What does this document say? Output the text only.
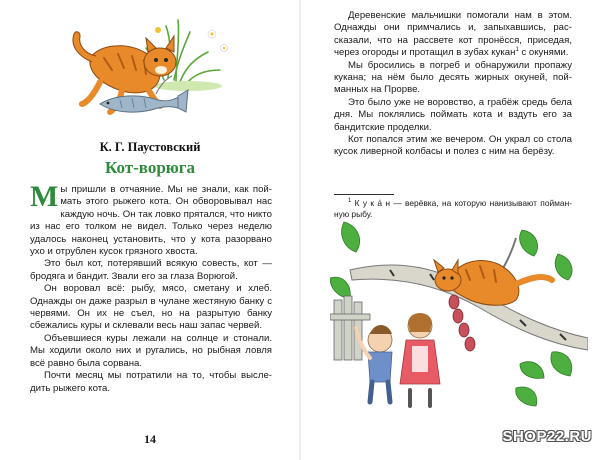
К. Г. Паустовский
Кот-ворюга

Мы пришли в отчаяние. Мы не знали, как поймать этого рыжего кота. Он обворовывал нас каждую ночь. Он так ловко прятался, что никто из нас его толком не видел. Только через неделю удалось наконец установить, что у кота разорвано ухо и отрублен кусок грязного хвоста.

Это был кот, потерявший всякую совесть, кот — бродяга и бандит. Звали его за глаза Ворюгой.

Он воровал всё: рыбу, мясо, сметану и хлеб. Однажды он даже разрыл в чулане жестяную банку с червями. Он их не съел, но на разрытую банку сбежались куры и склевали весь наш запас червей.

Объевшиеся куры лежали на солнце и стонали. Мы ходили около них и ругались, но рыбная ловля всё равно была сорвана.

Почти месяц мы потратили на то, чтобы выследить рыжего кота.

14

Деревенские мальчишки помогали нам в этом. Однажды они примчались и, запыхавшись, рассказали, что на рассвете кот пронёсся, приседая, через огороды и протащил в зубах кукан$^1$ с окунями.

Мы бросились в погреб и обнаружили пропажу кукана; на нём было десять жирных окуней, пойманных на Прорве.

Это было уже не воровство, а грабёж средь бела дня. Мы поклялись поймать кота и вздуть его за бандитские проделки.

Кот попался этим же вечером. Он украл со стола кусок ливерной колбасы и полез с ним на берёзу.

$^1$ К у к а́ н — верёвка, на которую нанизывают пойманную рыбу.
SHOP22.RU
